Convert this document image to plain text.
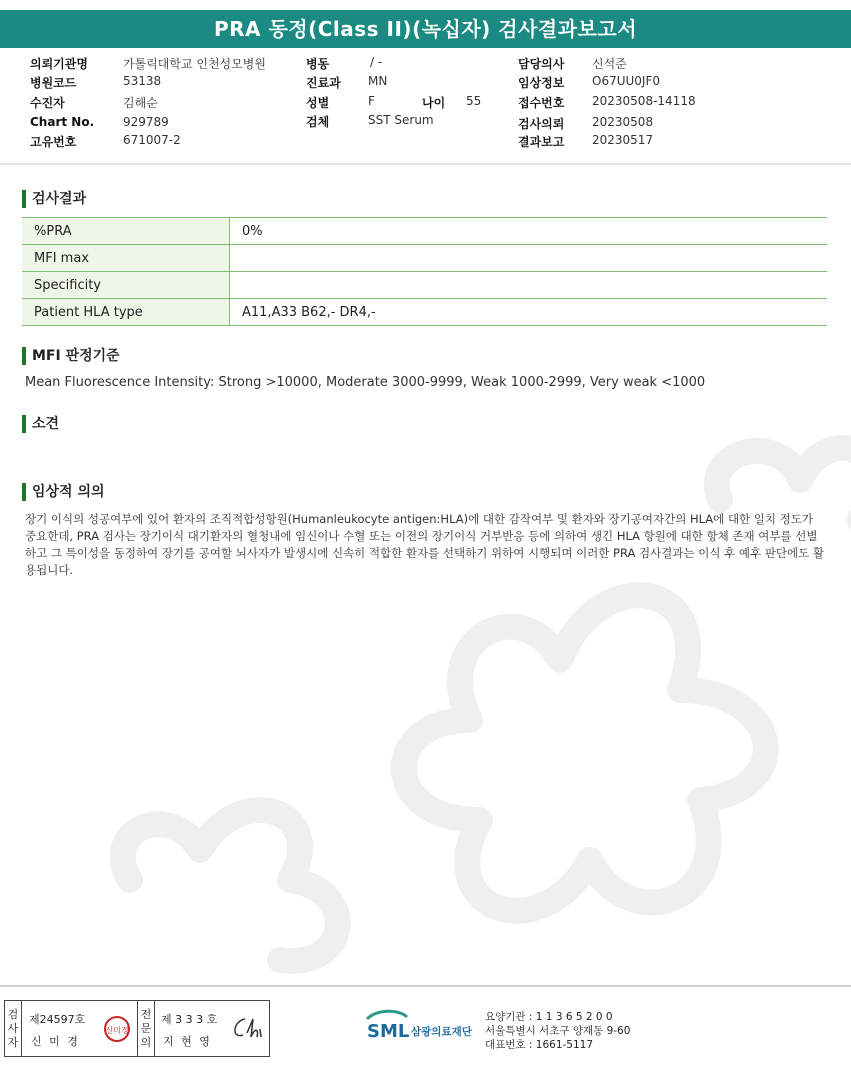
PRA 동정(Class II)(녹십자) 검사결과보고서
의뢰기관명	가톨릭대학교 인천성모병원
병원코드	53138
수진자	김해순
Chart No. 929789
고유번호	671007-2
병동	/ -
진료과 MN
성별	F	나이 55
검체	SST Serum
담당의사 신석준
임상정보 O67UU0JF0
접수번호 20230508-14118
검사의뢰 20230508
결과보고 20230517
검사결과
%PRA	0%
MFI max	
Specificity	
Patient HLA type	A11,A33 B62,- DR4,-
MFI 판정기준
Mean Fluorescence Intensity: Strong >10000, Moderate 3000-9999, Weak 1000-2999, Very weak <1000
소견
임상적 의의
장기 이식의 성공여부에 있어 환자의 조직적합성항원(Humanleukocyte antigen:HLA)에 대한 감작여부 및 환자와 장기공여자간의 HLA에 대한 일치 정도가 중요한데, PRA 검사는 장기이식 대기환자의 혈청내에 임신이나 수혈 또는 이전의 장기이식 거부반응 등에 의하여 생긴 HLA 항원에 대한 항체 존재 여부를 선별하고 그 특이성을 동정하여 장기를 공여할 뇌사자가 발생시에 신속히 적합한 환자를 선택하기 위하여 시행되며 이러한 PRA 검사결과는 이식 후 예후 판단에도 활용됩니다.
검
사
자
제24597호
신 미 경
신미경
전
문
의
제 3 3 3 호
지 현 영	SML 삼광의료재단
요양기관 : 1 1 3 6 5 2 0 0
서울특별시 서초구 양재동 9-60
대표번호 : 1661-5117
